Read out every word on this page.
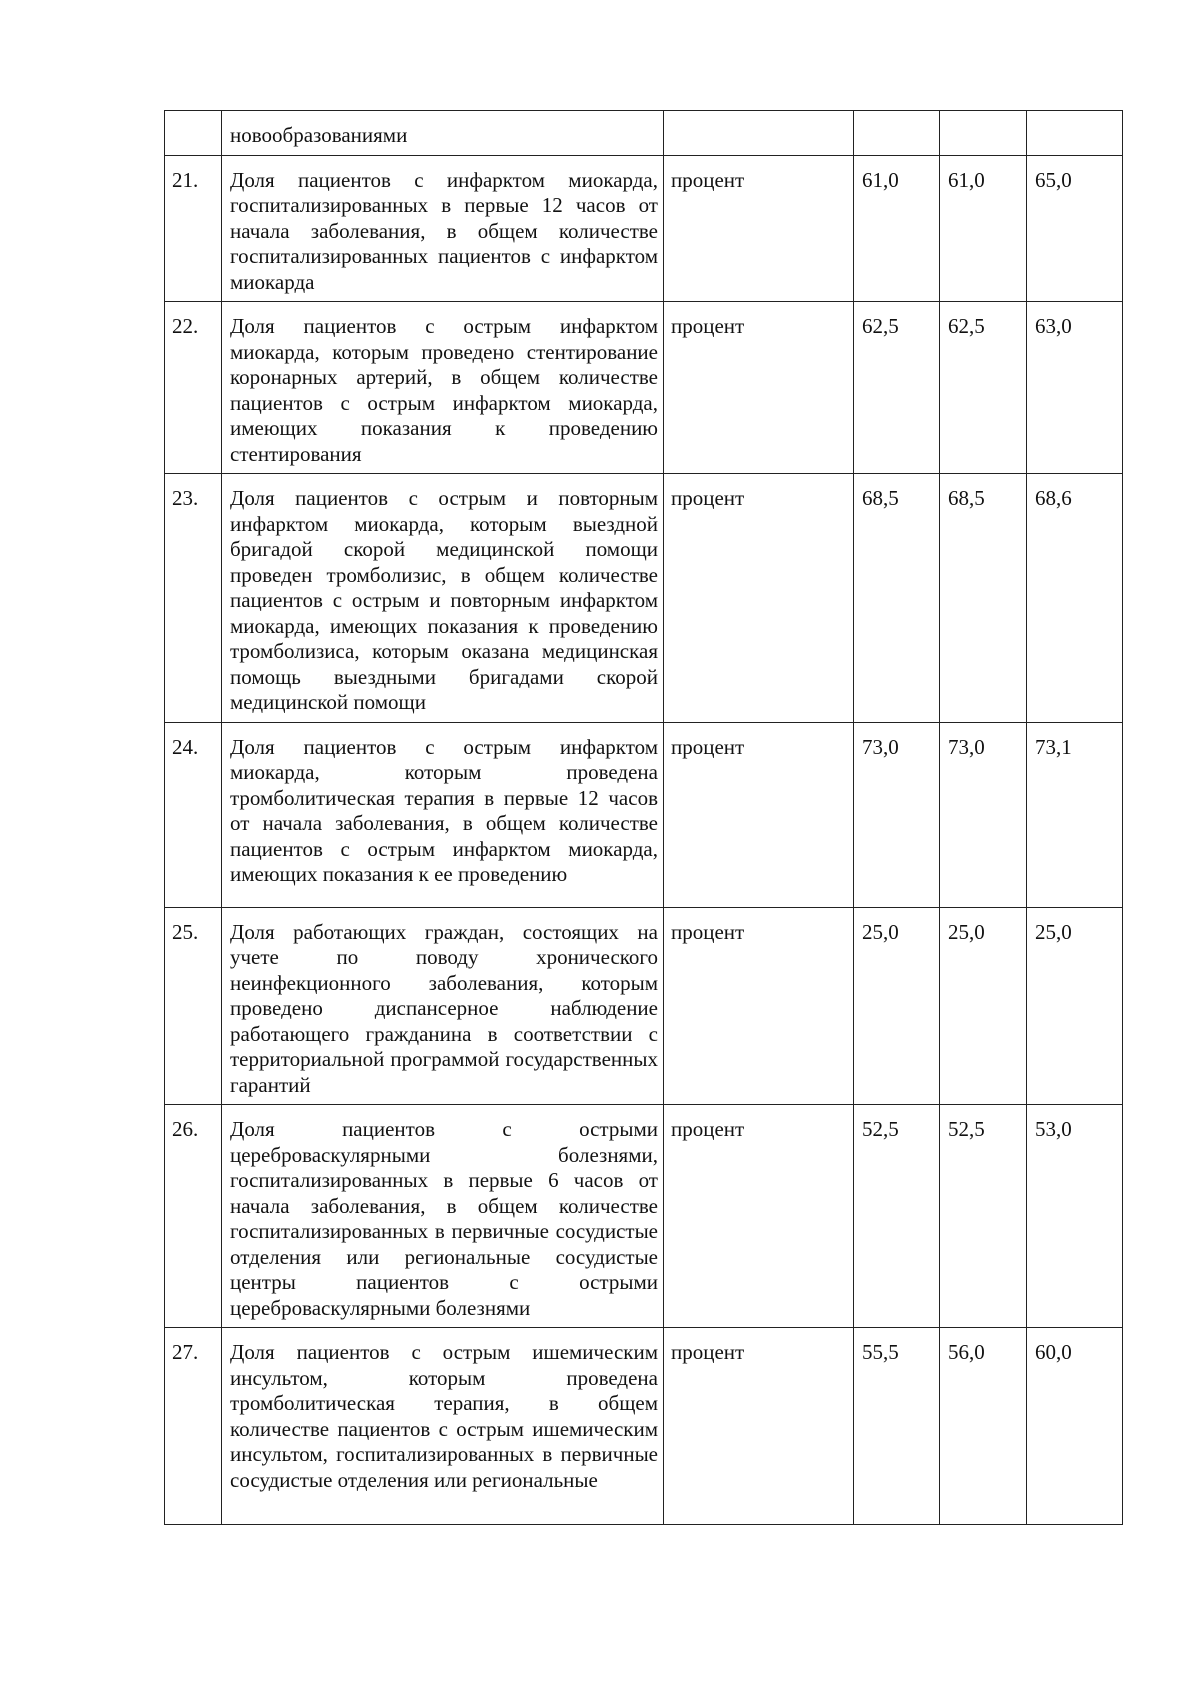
	новообразованиями				
21.	Доля пациентов с инфарктом миокарда, госпитализированных в первые 12 часов от начала заболевания, в общем количестве госпитализированных пациентов с инфарктом миокарда	процент	61,0	61,0	65,0
22.	Доля пациентов с острым инфарктом миокарда, которым проведено стентирование коронарных артерий, в общем количестве пациентов с острым инфарктом миокарда, имеющих показания к проведению стентирования	процент	62,5	62,5	63,0
23.	Доля пациентов с острым и повторным инфарктом миокарда, которым выездной бригадой скорой медицинской помощи проведен тромболизис, в общем количестве пациентов с острым и повторным инфарктом миокарда, имеющих показания к проведению тромболизиса, которым оказана медицинская помощь выездными бригадами скорой медицинской помощи	процент	68,5	68,5	68,6
24.	Доля пациентов с острым инфарктом миокарда, которым проведена тромболитическая терапия в первые 12 часов от начала заболевания, в общем количестве пациентов с острым инфарктом миокарда, имеющих показания к ее проведению	процент	73,0	73,0	73,1
25.	Доля работающих граждан, состоящих на учете по поводу хронического неинфекционного заболевания, которым проведено диспансерное наблюдение работающего гражданина в соответствии с территориальной программой государственных гарантий	процент	25,0	25,0	25,0
26.	Доля пациентов с острыми цереброваскулярными болезнями, госпитализированных в первые 6 часов от начала заболевания, в общем количестве госпитализированных в первичные сосудистые отделения или региональные сосудистые центры пациентов с острыми цереброваскулярными болезнями	процент	52,5	52,5	53,0
27.	Доля пациентов с острым ишемическим инсультом, которым проведена тромболитическая терапия, в общем количестве пациентов с острым ишемическим инсультом, госпитализированных в первичные сосудистые отделения или региональные	процент	55,5	56,0	60,0
